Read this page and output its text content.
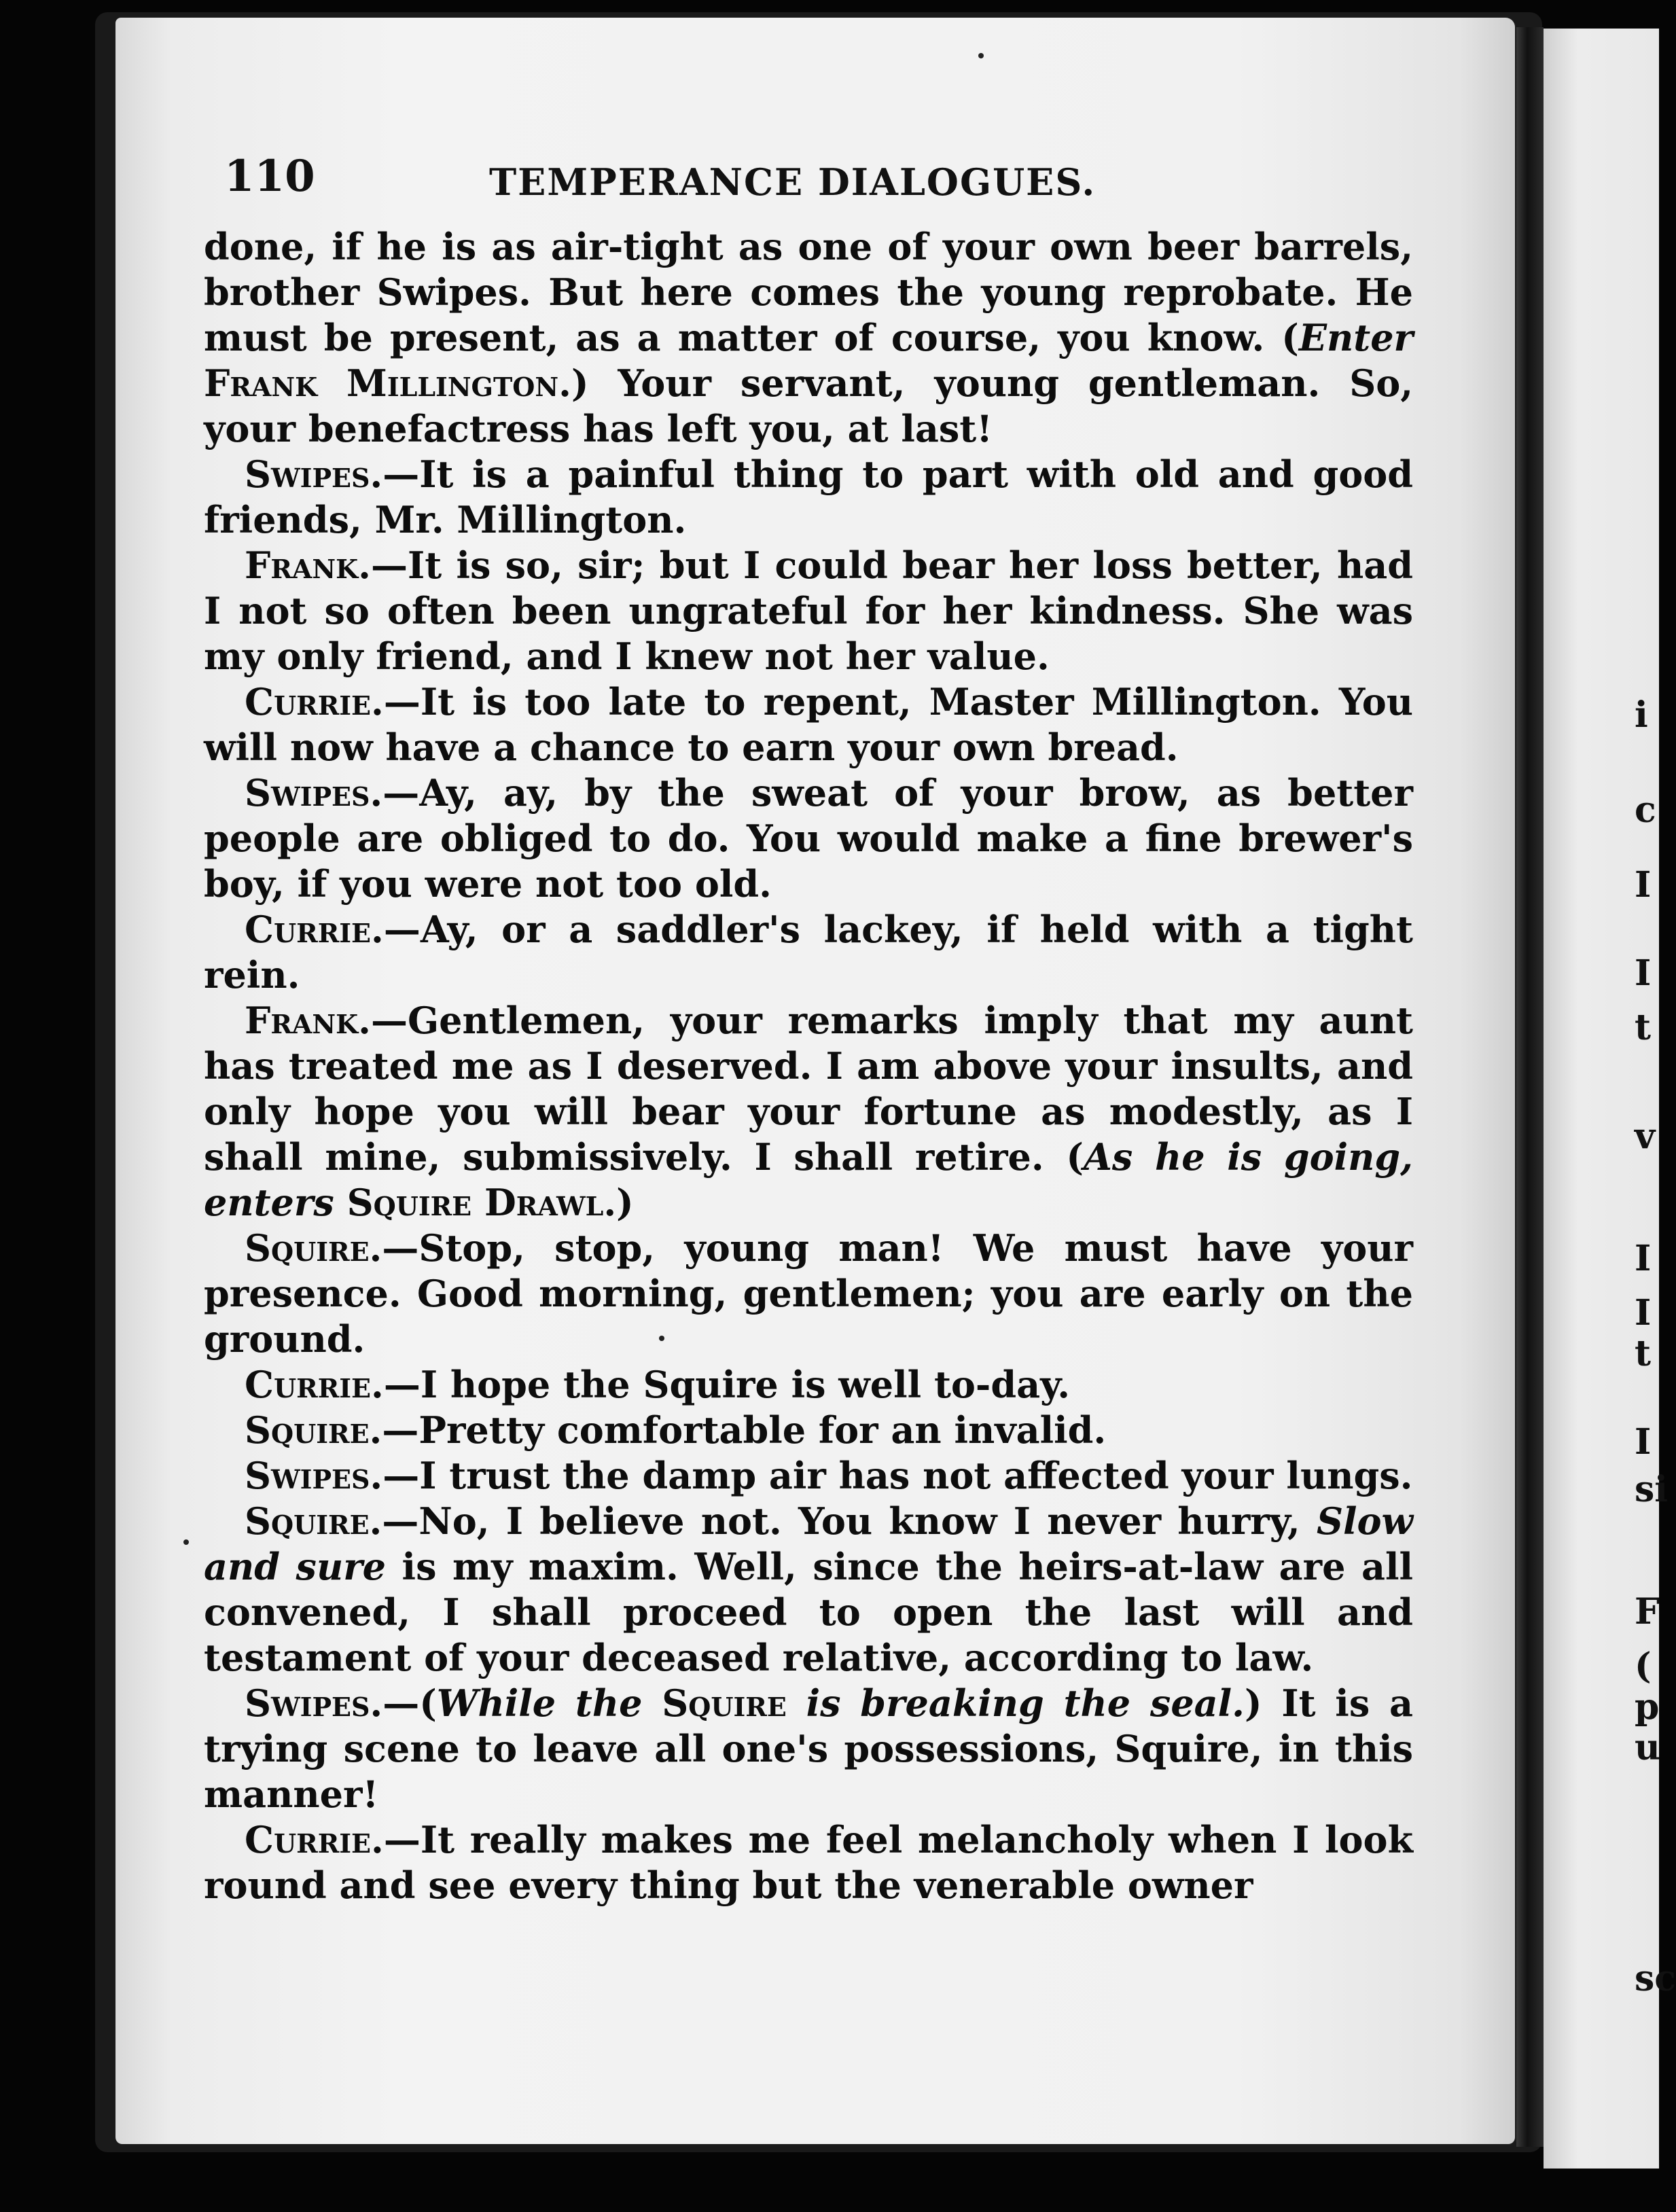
i
c
I
I
t
v
I
I
t
I
si
F
(
p
u
sc
110	TEMPERANCE DIALOGUES.

done, if he is as air-tight as one of your own beer barrels, brother Swipes. But here comes the young reprobate. He must be present, as a matter of course, you know. (Enter Frank Millington.) Your servant, young gentleman. So, your benefactress has left you, at last!

Swipes.—It is a painful thing to part with old and good friends, Mr. Millington.

Frank.—It is so, sir; but I could bear her loss better, had I not so often been ungrateful for her kindness. She was my only friend, and I knew not her value.

Currie.—It is too late to repent, Master Millington. You will now have a chance to earn your own bread.

Swipes.—Ay, ay, by the sweat of your brow, as better people are obliged to do. You would make a fine brewer's boy, if you were not too old.

Currie.—Ay, or a saddler's lackey, if held with a tight rein.

Frank.—Gentlemen, your remarks imply that my aunt has treated me as I deserved. I am above your insults, and only hope you will bear your fortune as modestly, as I shall mine, submissively. I shall retire. (As he is going, enters Squire Drawl.)

Squire.—Stop, stop, young man! We must have your presence. Good morning, gentlemen; you are early on the ground.

Currie.—I hope the Squire is well to-day.

Squire.—Pretty comfortable for an invalid.

Swipes.—I trust the damp air has not affected your lungs.

Squire.—No, I believe not. You know I never hurry, Slow and sure is my maxim. Well, since the heirs-at-law are all convened, I shall proceed to open the last will and testament of your deceased relative, according to law.

Swipes.—(While the Squire is breaking the seal.) It is a trying scene to leave all one's possessions, Squire, in this manner!

Currie.—It really makes me feel melancholy when I look round and see every thing but the venerable owner
